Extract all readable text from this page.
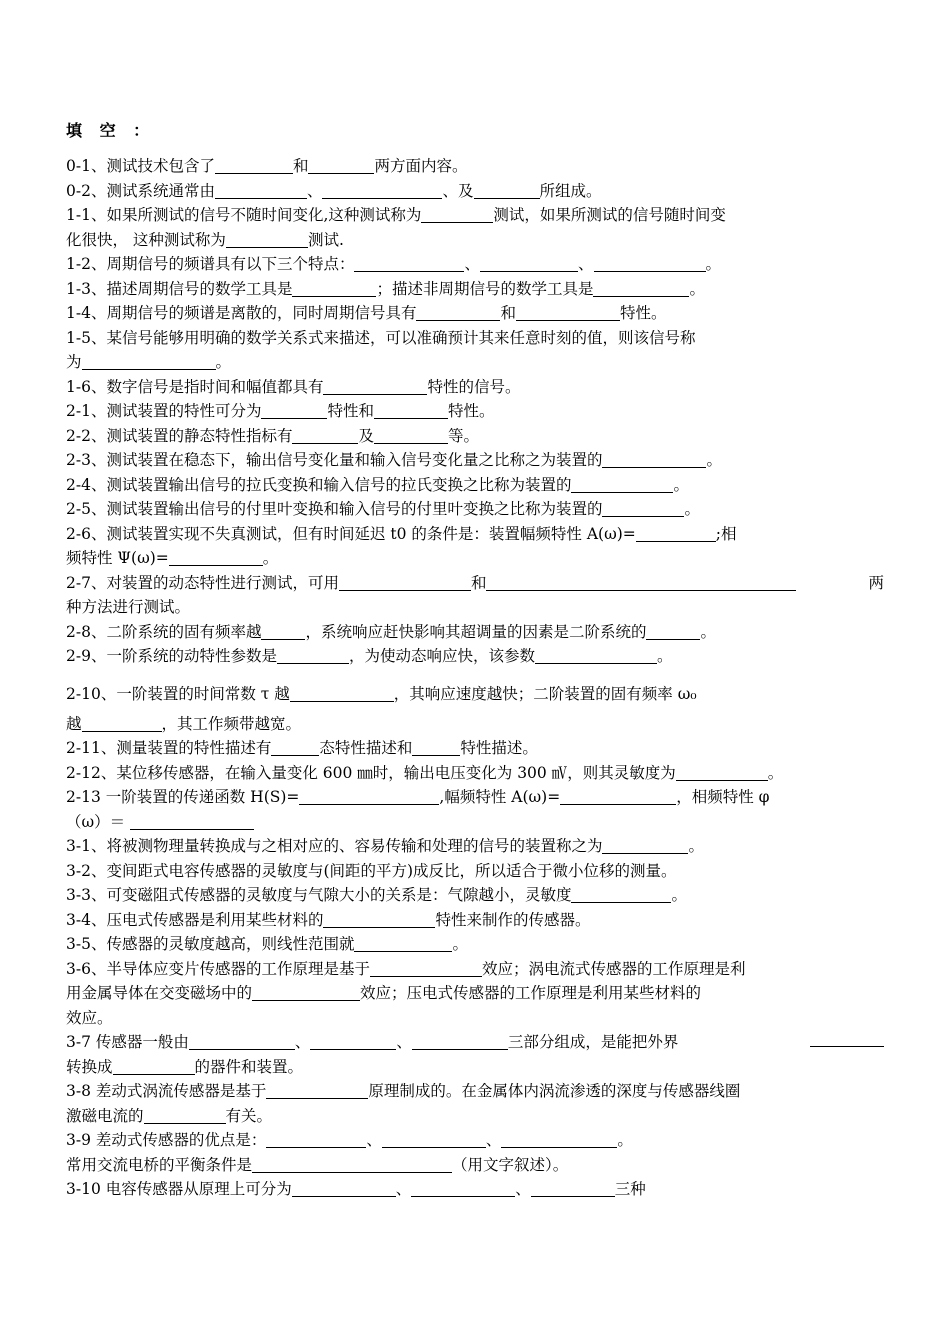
填 空 ：
0-1、测试技术包含了	和	两方面内容。
0-2、测试系统通常由	、	、及	所组成。
1-1、如果所测试的信号不随时间变化,这种测试称为	测试，如果所测试的信号随时间变
化很快， 这种测试称为	测试.
1-2、周期信号的频谱具有以下三个特点：	、	、	。
1-3、描述周期信号的数学工具是	；描述非周期信号的数学工具是	。
1-4、周期信号的频谱是离散的，同时周期信号具有	和	特性。
1-5、某信号能够用明确的数学关系式来描述，可以准确预计其来任意时刻的值，则该信号称
为	。
1-6、数字信号是指时间和幅值都具有	特性的信号。
2-1、测试装置的特性可分为	特性和	特性。
2-2、测试装置的静态特性指标有	及	等。
2-3、测试装置在稳态下，输出信号变化量和输入信号变化量之比称之为装置的	。
2-4、测试装置输出信号的拉氏变换和输入信号的拉氏变换之比称为装置的	。
2-5、测试装置输出信号的付里叶变换和输入信号的付里叶变换之比称为装置的	。
2-6、测试装置实现不失真测试，但有时间延迟 t0 的条件是：装置幅频特性 A(ω)=	;相
频特性 Ψ(ω)=	。
2-7、对装置的动态特性进行测试，可用	和	两
种方法进行测试。
2-8、二阶系统的固有频率越	，系统响应赶快影响其超调量的因素是二阶系统的	。
2-9、一阶系统的动特性参数是	，为使动态响应快，该参数	。
2-10、一阶装置的时间常数 τ 越	，其响应速度越快；二阶装置的固有频率 ω₀
越	，其工作频带越宽。
2-11、测量装置的特性描述有	态特性描述和	特性描述。
2-12、某位移传感器，在输入量变化 600 ㎜时，输出电压变化为 300 ㎷，则其灵敏度为	。
2-13 一阶装置的传递函数 H(S)=	,幅频特性 A(ω)=	，相频特性 φ
（ω）＝
3-1、将被测物理量转换成与之相对应的、容易传输和处理的信号的装置称之为	。
3-2、变间距式电容传感器的灵敏度与(间距的平方)成反比，所以适合于微小位移的测量。
3-3、可变磁阻式传感器的灵敏度与气隙大小的关系是：气隙越小，灵敏度	。
3-4、压电式传感器是利用某些材料的	特性来制作的传感器。
3-5、传感器的灵敏度越高，则线性范围就	。
3-6、半导体应变片传感器的工作原理是基于	效应；涡电流式传感器的工作原理是利
用金属导体在交变磁场中的	效应；压电式传感器的工作原理是利用某些材料的
效应。
3-7 传感器一般由	、	、	三部分组成，是能把外界
转换成	的器件和装置。
3-8 差动式涡流传感器是基于	原理制成的。在金属体内涡流渗透的深度与传感器线圈
激磁电流的	有关。
3-9 差动式传感器的优点是：	、	、	。
常用交流电桥的平衡条件是	（用文字叙述）。
3-10 电容传感器从原理上可分为	、	、	三种
